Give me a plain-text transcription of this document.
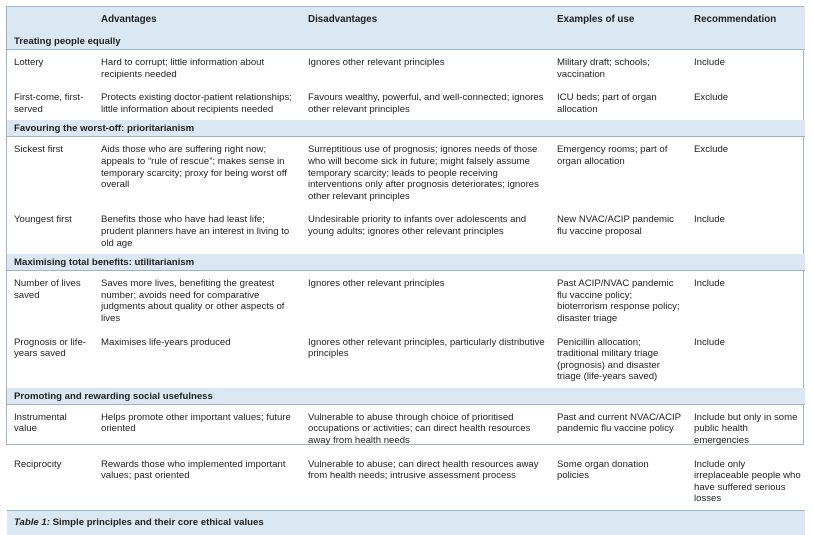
	Advantages	Disadvantages	Examples of use	Recommendation
Treating people equally				
Lottery	Hard to corrupt; little information about recipients needed	Ignores other relevant principles	Military draft; schools; vaccination	Include
First-come, first-served	Protects existing doctor-patient relationships; little information about recipients needed	Favours wealthy, powerful, and well-connected; ignores other relevant principles	ICU beds; part of organ allocation	Exclude
Favouring the worst-off: prioritarianism				
Sickest first	Aids those who are suffering right now; appeals to “rule of rescue”; makes sense in temporary scarcity; proxy for being worst off overall	Surreptitious use of prognosis; ignores needs of those who will become sick in future; might falsely assume temporary scarcity; leads to people receiving interventions only after prognosis deteriorates; ignores other relevant principles	Emergency rooms; part of organ allocation	Exclude
Youngest first	Benefits those who have had least life; prudent planners have an interest in living to old age	Undesirable priority to infants over adolescents and young adults; ignores other relevant principles	New NVAC/ACIP pandemic flu vaccine proposal	Include
Maximising total benefits: utilitarianism				
Number of lives saved	Saves more lives, benefiting the greatest number; avoids need for comparative judgments about quality or other aspects of lives	Ignores other relevant principles	Past ACIP/NVAC pandemic flu vaccine policy; bioterrorism response policy; disaster triage	Include
Prognosis or life-years saved	Maximises life-years produced	Ignores other relevant principles, particularly distributive principles	Penicillin allocation; traditional military triage (prognosis) and disaster triage (life-years saved)	Include
Promoting and rewarding social usefulness				
Instrumental value	Helps promote other important values; future oriented	Vulnerable to abuse through choice of prioritised occupations or activities; can direct health resources away from health needs	Past and current NVAC/ACIP pandemic flu vaccine policy	Include but only in some public health emergencies
Reciprocity	Rewards those who implemented important values; past oriented	Vulnerable to abuse; can direct health resources away from health needs; intrusive assessment process	Some organ donation policies	Include only irreplaceable people who have suffered serious losses
Table 1: Simple principles and their core ethical values				
